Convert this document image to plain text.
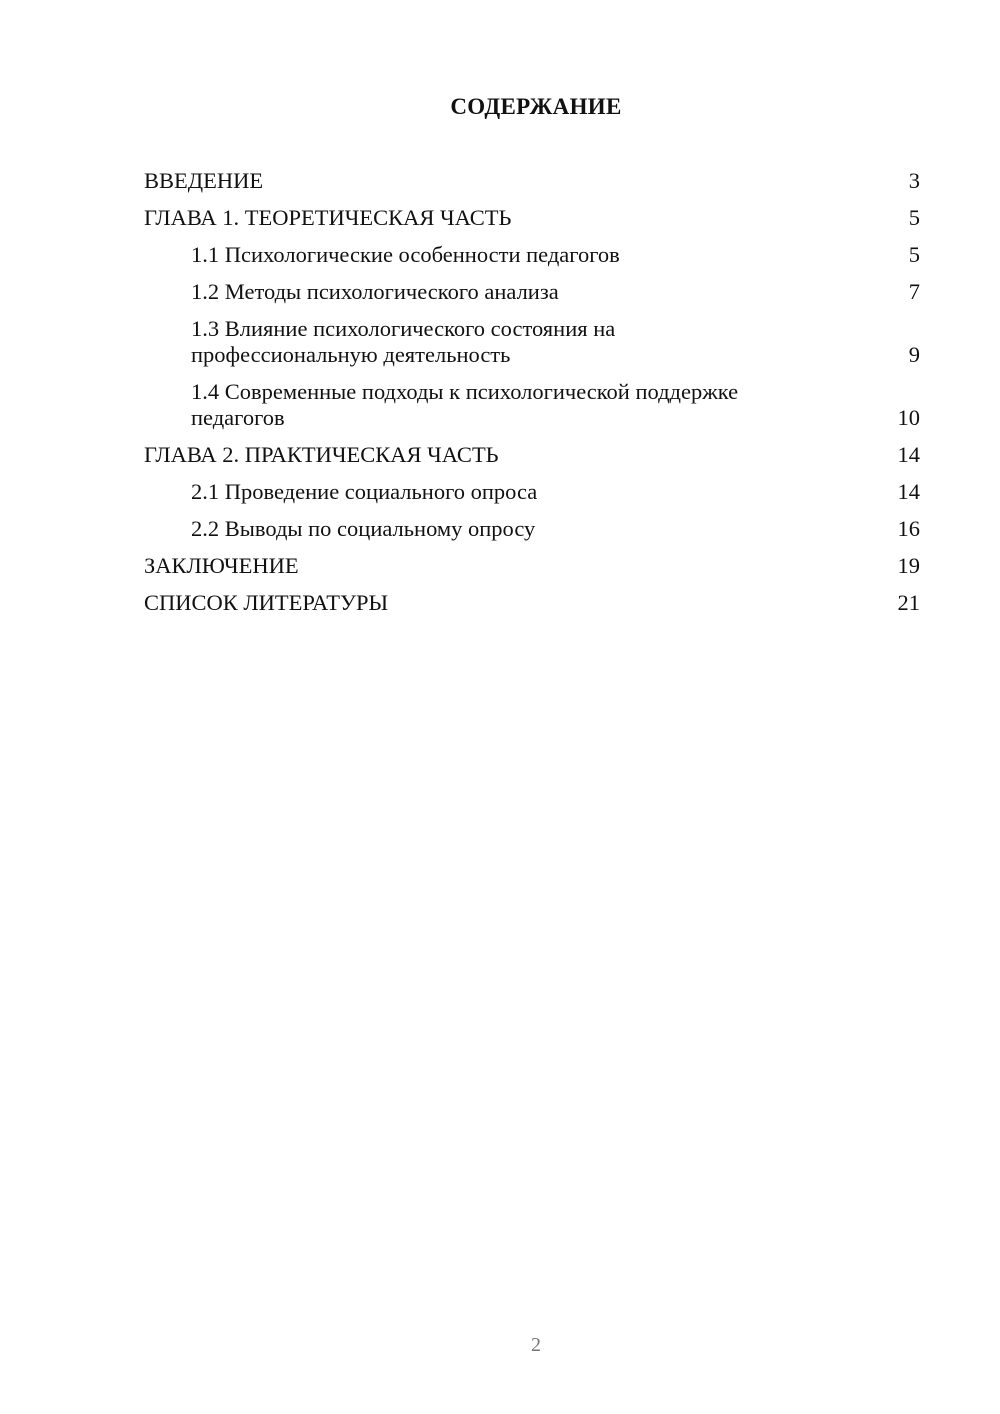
СОДЕРЖАНИЕ
ВВЕДЕНИЕ	3
ГЛАВА 1. ТЕОРЕТИЧЕСКАЯ ЧАСТЬ	5
1.1 Психологические особенности педагогов	5
1.2 Методы психологического анализа	7
1.3 Влияние психологического состояния на профессиональную деятельность	9
1.4 Современные подходы к психологической поддержке педагогов	10
ГЛАВА 2. ПРАКТИЧЕСКАЯ ЧАСТЬ	14
2.1 Проведение социального опроса	14
2.2 Выводы по социальному опросу	16
ЗАКЛЮЧЕНИЕ	19
СПИСОК ЛИТЕРАТУРЫ	21
2
